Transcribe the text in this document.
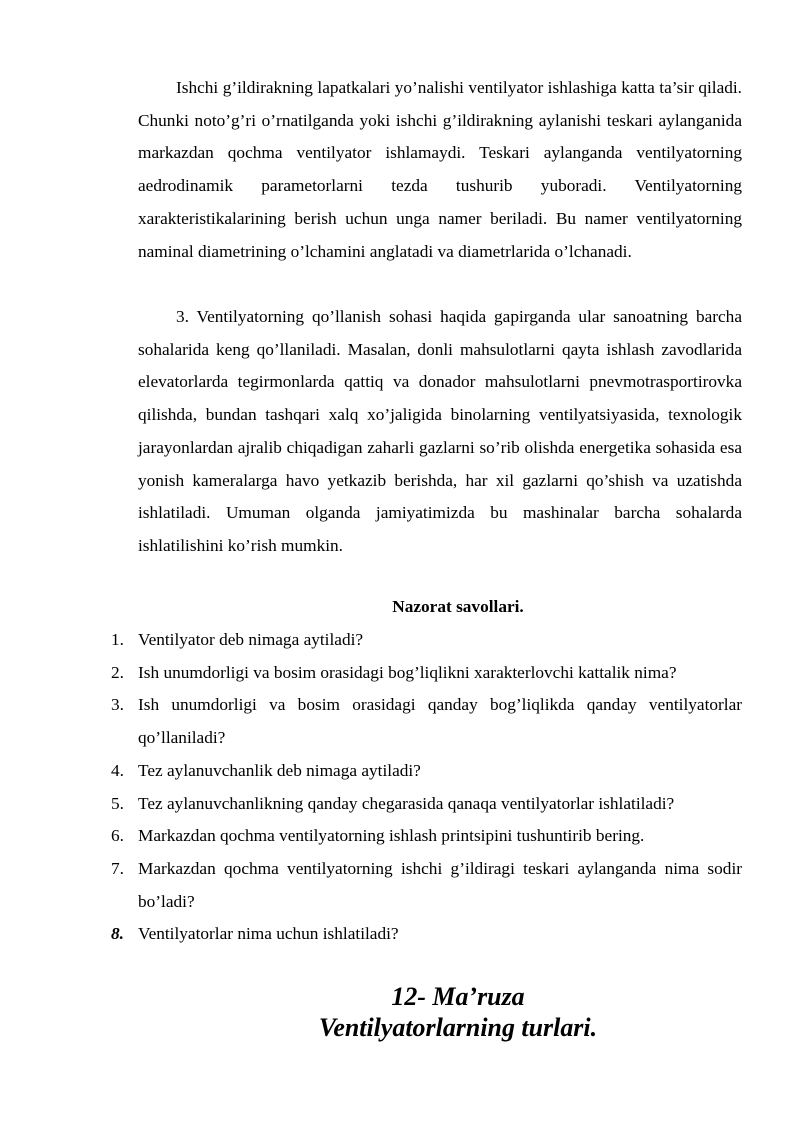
Ishchi g’ildirakning lapatkalari yo’nalishi ventilyator ishlashiga katta ta’sir qiladi. Chunki noto’g’ri o’rnatilganda yoki ishchi g’ildirakning aylanishi teskari aylanganida markazdan qochma ventilyator ishlamaydi. Teskari aylanganda ventilyatorning aedrodinamik parametorlarni tezda tushurib yuboradi. Ventilyatorning xarakteristikalarining berish uchun unga namer beriladi. Bu namer ventilyatorning naminal diametrining o’lchamini anglatadi va diametrlarida o’lchanadi.

3. Ventilyatorning qo’llanish sohasi haqida gapirganda ular sanoatning barcha sohalarida keng qo’llaniladi. Masalan, donli mahsulotlarni qayta ishlash zavodlarida elevatorlarda tegirmonlarda qattiq va donador mahsulotlarni pnevmotrasportirovka qilishda, bundan tashqari xalq xo’jaligida binolarning ventilyatsiyasida, texnologik jarayonlardan ajralib chiqadigan zaharli gazlarni so’rib olishda energetika sohasida esa yonish kameralarga havo yetkazib berishda, har xil gazlarni qo’shish va uzatishda ishlatiladi. Umuman olganda jamiyatimizda bu mashinalar barcha sohalarda ishlatilishini ko’rish mumkin.

Nazorat savollari.
1. Ventilyator deb nimaga aytiladi?
2. Ish unumdorligi va bosim orasidagi bog’liqlikni xarakterlovchi kattalik nima?
3. Ish unumdorligi va bosim orasidagi qanday bog’liqlikda qanday ventilyatorlar qo’llaniladi?
4. Tez aylanuvchanlik deb nimaga aytiladi?
5. Tez aylanuvchanlikning qanday chegarasida qanaqa ventilyatorlar ishlatiladi?
6. Markazdan qochma ventilyatorning ishlash printsipini tushuntirib bering.
7. Markazdan qochma ventilyatorning ishchi g’ildiragi teskari aylanganda nima sodir bo’ladi?
8. Ventilyatorlar nima uchun ishlatiladi?
12- Ma’ruza
Ventilyatorlarning turlari.
